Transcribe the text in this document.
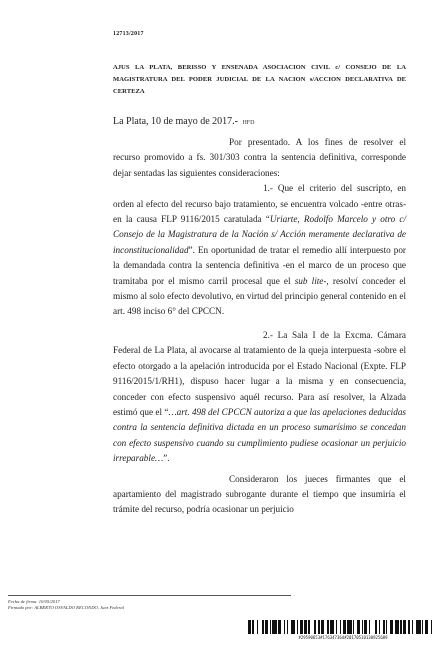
12713/2017
AJUS LA PLATA, BERISSO Y ENSENADA ASOCIACION CIVIL c/ CONSEJO DE LA MAGISTRATURA DEL PODER JUDICIAL DE LA NACION s/ACCION DECLARATIVA DE CERTEZA
La Plata, 10 de mayo de 2017.- HFD

Por presentado. A los fines de resolver el recurso promovido a fs. 301/303 contra la sentencia definitiva, corresponde dejar sentadas las siguientes consideraciones:

1.- Que el criterio del suscripto, en orden al efecto del recurso bajo tratamiento, se encuentra volcado -entre otras- en la causa FLP 9116/2015 caratulada “Uriarte, Rodolfo Marcelo y otro c/ Consejo de la Magistratura de la Nación s/ Acción meramente declarativa de inconstitucionalidad”. En oportunidad de tratar el remedio allí interpuesto por la demandada contra la sentencia definitiva -en el marco de un proceso que tramitaba por el mismo carril procesal que el sub lite-, resolví conceder el mismo al solo efecto devolutivo, en virtud del principio general contenido en el art. 498 inciso 6° del CPCCN.

2.- La Sala I de la Excma. Cámara Federal de La Plata, al avocarse al tratamiento de la queja interpuesta -sobre el efecto otorgado a la apelación introducida por el Estado Nacional (Expte. FLP 9116/2015/1/RH1), dispuso hacer lugar a la misma y en consecuencia, conceder con efecto suspensivo aquél recurso. Para así resolver, la Alzada estimó que el “…art. 498 del CPCCN autoriza a que las apelaciones deducidas contra la sentencia definitiva dictada en un proceso sumarísimo se concedan con efecto suspensivo cuando su cumplimiento pudiese ocasionar un perjuicio irreparable…”.

Consideraron los jueces firmantes que el apartamiento del magistrado subrogante durante el tiempo que insumiría el trámite del recurso, podría ocasionar un perjuicio

Fecha de firma: 10/05/2017
Firmado por: ALBERTO OSVALDO RECONDO, Juez Federal
#29590653#176347364#20170510130925609
